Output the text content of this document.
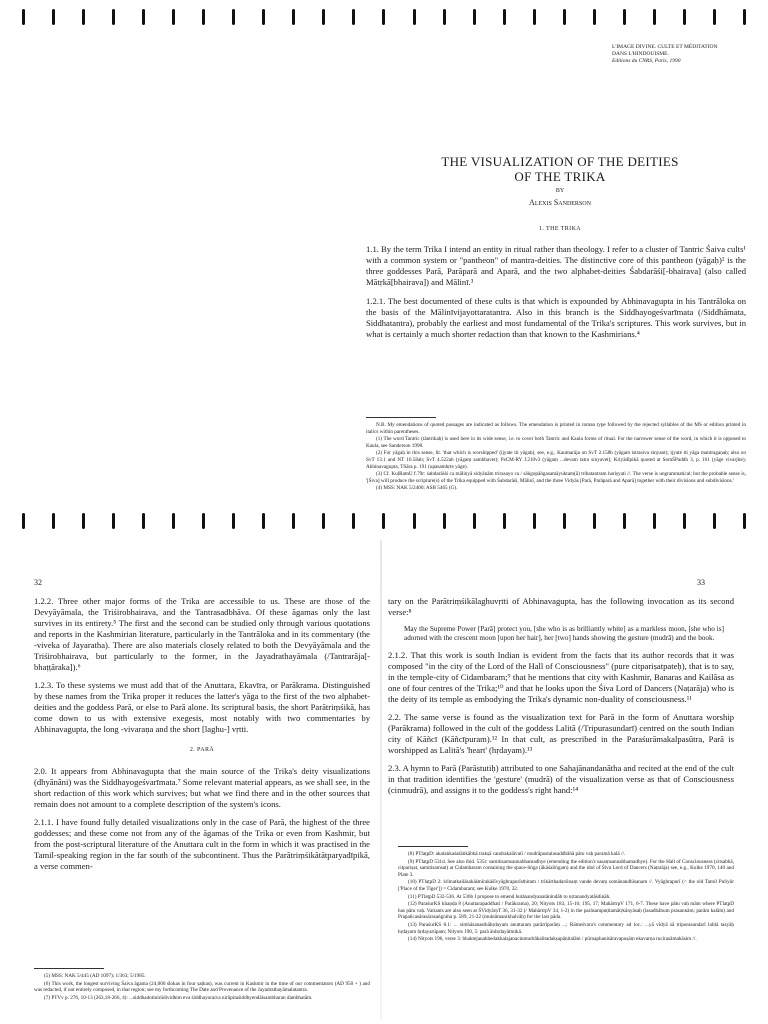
L'IMAGE DIVINE. CULTE ET MÉDITATION
DANS L'HINDOUISME.
Editions du CNRS, Paris, 1990
THE VISUALIZATION OF THE DEITIES
OF THE TRIKA
BY
Alexis Sanderson
1. THE TRIKA

1.1. By the term Trika I intend an entity in ritual rather than theology. I refer to a cluster of Tantric Śaiva cults¹ with a common system or "pantheon" of mantra-deities. The distinctive core of this pantheon (yāgaḥ)² is the three goddesses Parā, Parāparā and Aparā, and the two alphabet-deities Śabdarāśi[-bhairava] (also called Mātṛkā[bhairava]) and Mālinī.³

1.2.1. The best documented of these cults is that which is expounded by Abhinavagupta in his Tantrāloka on the basis of the Mālinīvijayottaratantra. Also in this branch is the Siddhayogeśvarīmata (/Siddhāmata, Siddhatantra), probably the earliest and most fundamental of the Trika's scriptures. This work survives, but in what is certainly a much shorter redaction than that known to the Kashmirians.⁴

N.B. My emendations of quoted passages are indicated as follows. The emendation is printed in roman type followed by the rejected syllables of the MS or edition printed in italics within parentheses.

(1) The word Tantric (tāntrikaḥ) is used here in its wide sense, i.e. to cover both Tantric and Kaula forms of ritual. For the narrower sense of the word, in which it is opposed to Kaula, see Sanderson 1990.

(2) For yāgaḥ in this sense, lit. 'that which is worshipped' (ijyate iti yāgaḥ), see, e.g., Kaumarāja on SvT 2.158b (yāgam istrasiva sinyant); ijyate iti yāga mantragaṇaḥ; also on SvT 13.1 and NT 16.58ab; SvT 4.522ab (yāgaṃ sambhavet); PsCM-RY f.210v3 (yāgaṃ ...devam tatra sinyavet); Kriyādīpikā quoted at SomŚPaddh 3, p. 161 (yāge vivarjite); Abhinavagupta, TSāra p. 191 (upasamhṛte yāge).

(3) Cf. KuḷRatnU f.79r: śabdarāśiś ca mālinyā sidyānām trirasayo ca / sāṅgopāṅgasamāyuktam(ā) tribatantram hariṣyati //. The verse is ungrammatical; but the probable sense is, '[Śiva] will produce the scripture(s) of the Trika equipped with Śabdarāśi, Mālinī, and the three Vidyās [Parā, Parāparā and Aparā] together with their divisions and subdivisions.'

(4) MSS: NAK 5/2400; ASB 5465 (G).

32	33

1.2.2. Three other major forms of the Trika are accessible to us. These are those of the Devyāyāmala, the Triśirobhairava, and the Tantrasadbhāva. Of these āgamas only the last survives in its entirety.⁵ The first and the second can be studied only through various quotations and reports in the Kashmirian literature, particularly in the Tantrāloka and in its commentary (the -viveka of Jayaratha). There are also materials closely related to both the Devyāyāmala and the Triśirobhairava, but particularly to the former, in the Jayadrathayāmala (/Tantrarāja[-bhaṭṭāraka]).⁶

1.2.3. To these systems we must add that of the Anuttara, Ekavīra, or Parākrama. Distinguished by these names from the Trika proper it reduces the latter's yāga to the first of the two alphabet-deities and the goddess Parā, or else to Parā alone. Its scriptural basis, the short Parātriṃśikā, has come down to us with extensive exegesis, most notably with two commentaries by Abhinavagupta, the long -vivaraṇa and the short [laghu-] vṛtti.

2. PARĀ

2.0. It appears from Abhinavagupta that the main source of the Trika's deity visualizations (dhyānāni) was the Siddhayogeśvarīmata.⁷ Some relevant material appears, as we shall see, in the short redaction of this work which survives; but what we find there and in the other sources that remain does not amount to a complete description of the system's icons.

2.1.1. I have found fully detailed visualizations only in the case of Parā, the highest of the three goddesses; and these come not from any of the āgamas of the Trika or even from Kashmir, but from the post-scriptural literature of the Anuttara cult in the form in which it was practised in the Tamil-speaking region in the far south of the subcontinent. Thus the Parātriṃśikātātparyadīpikā, a verse commen-

(5) MSS: NAK 5/445 (AD 1097); 1/363; 5/1985.

(6) This work, the longest surviving Śaiva āgama (24,000 ślokas in four ṣaṭkas), was current in Kashmir in the time of our commentators (AD 950 + ) and was redacted, if not entirely composed, in that region; see my forthcoming The Date and Provenance of the Jayadrathayāmalatantra.

(7) PTVv p. 276, 10-13 (263,18-266, 4): ...siddhadotinirūdividhim eva śiddhayoraiva nirūpitaśiddhyendāisambharan dambhatām.

tary on the Parātriṃśikālaghuvṛtti of Abhinavagupta, has the following invocation as its second verse:⁸

May the Supreme Power [Parā] protect you, [she who is as brilliantly white] as a markless moon, [she who is] adorned with the crescent moon [upon her hair], her [two] hands showing the gesture (mudrā) and the book.

2.1.2. That this work is south Indian is evident from the facts that its author records that it was composed "in the city of the Lord of the Hall of Consciousness" (pure citpariṣatpateḥ), that is to say, in the temple-city of Cidambaram;⁹ that he mentions that city with Kashmir, Banaras and Kailāsa as one of four centres of the Trika;¹⁰ and that he looks upon the Śiva Lord of Dancers (Naṭarāja) who is the deity of its temple as embodying the Trika's dynamic non-duality of consciousness.¹¹

2.2. The same verse is found as the visualization text for Parā in the form of Anuttara worship (Parākrama) followed in the cult of the goddess Lalitā (/Tripurasundarī) centred on the south Indian city of Kāñcī (Kāñcīpuram).¹² In that cult, as prescribed in the Paraśurāmakalpasūtra, Parā is worshipped as Lalitā's 'heart' (hṛdayam).¹³

2.3. A hymn to Parā (Parāstutiḥ) attributed to one Sahajānandanātha and recited at the end of the cult in that tradition identifies the 'gesture' (mudrā) of the visualization verse as that of Consciousness (cinmudrā), and assigns it to the goddess's right hand:¹⁴

(8) PTlaṭpD: akalaṅkaśaśāṅkābhā trakṣā candrakalāvatī / mudrāpustalasaddbāhā pātu vaḥ paramā kalā //.

(9) PTlaṭpD 531d. See also ibid. 535r: samitisamsannabhamadhye (emending the edition's sasaṃsannabhamadhye). For the Hall of Consciousness (citsabhā, citpariṣat, samitisamsat) at Cidambaram containing the space-liṅga (ākāśaliṅgam) and the idol of Śiva Lord of Dancers (Naṭarāja) see, e.g., Kulke 1970, 140 and Plate 3.

(10) PTlaṭpD 2: śrīmatkailāsakāśmīrakāśīvyāghrapurīsthitam / trikārthadarśinaṃ vande devaṃ somānandhīsanam //. Vyāghrapurī (< the old Tamil Puliyūr ['Place of the Tiger']) = Cidambaram; see Kulke 1970, 32.

(11) PTlaṭpD 532-536. At 536b I propose to emend hutānandyanatānindāh to nṛtanandyatāśdināh.

(12) ParaśurKS khaṇḍa 8 (Anuttarapaddhati / Parākrama), 20; Nityots 183, 15-16; 195, 17; MahārtrpV 171, 6-7. These have pātu vaḥ mām where PTlaṭpD has pātu vaḥ. Variants are also seen at ŚVidyārṇT 36, 31-32 (/ MahārtrpV 34, 1-2) in the parāsampuṭitamātṛkānyāsaḥ (lasadbāhum prasannām; parām kalām) and Prapañcasārasārasaṅgraha p. 589, 21-22 (muktāmanikhalvāḥ) for the last pāda.

(13) ParaśurKS 8.1: ... simhāsanasthāhṛdayam anuttaram parātrīparāṃ ...; Rāmeśvara's commentary ad loc.: ...yā vidyā sā tripurasundarī lalitā tasyāḥ hṛdayam hṛdayarūpam; Nityots 190, 5: parā ānhṛdayātmikā.

(14) Nityots 196, verse 3: bhaktejanahhedakhalajanacinmudrākalitadakṣapāṇitalām / pūrnaphanisāravapuṣāṃ ekavarṇa rucirasāmahāsim //.
